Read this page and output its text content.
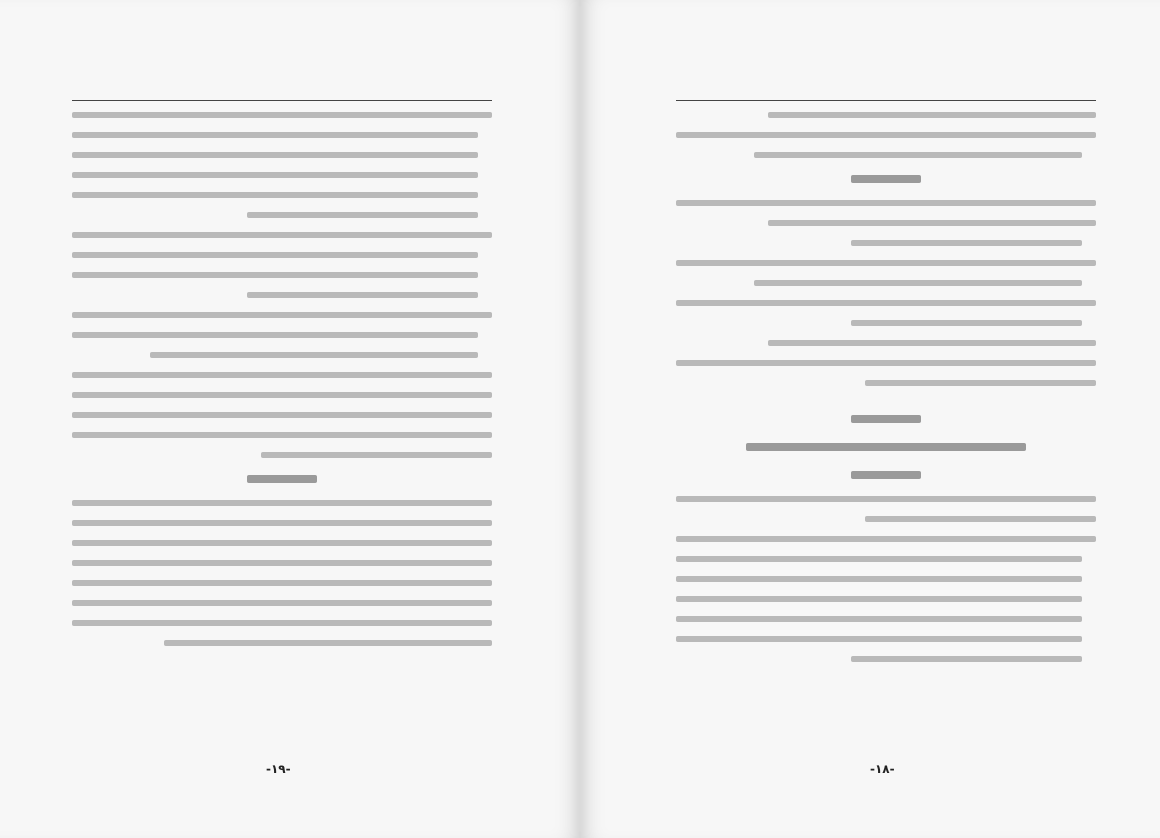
-١٩-	-١٨-
